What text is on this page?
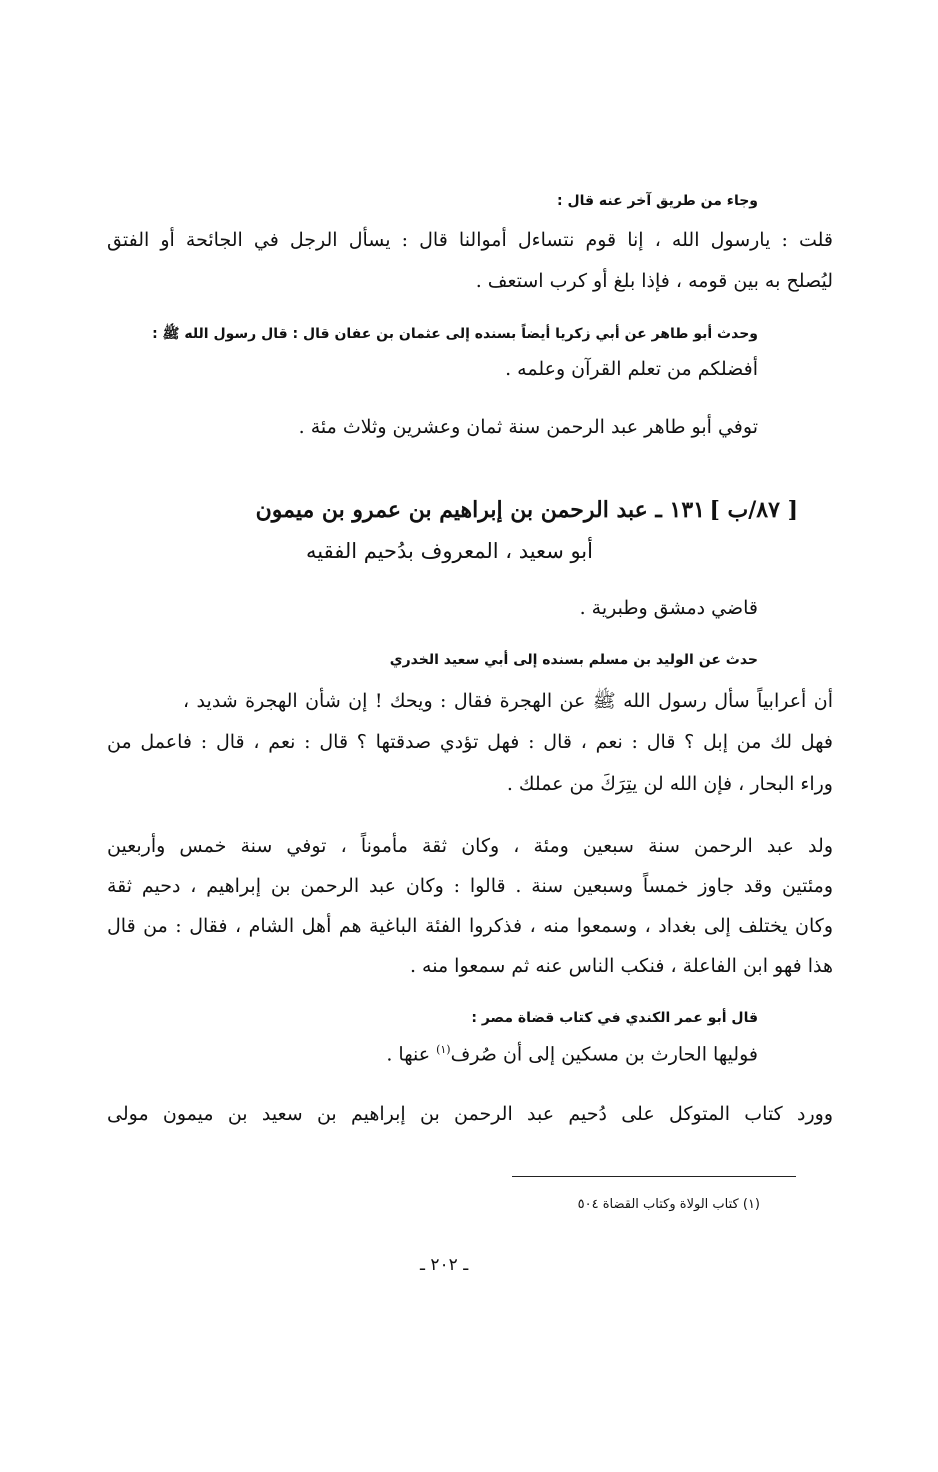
وجاء من طريق آخر عنه قال :

قلت : يارسول الله ، إنا قوم نتساءل أموالنا قال : يسأل الرجل في الجائحة أو الفتق

ليُصلح به بين قومه ، فإذا بلغ أو كرب استعف .

وحدث أبو طاهر عن أبي زكريا أيضاً بسنده إلى عثمان بن عفان قال : قال رسول الله ﷺ :

أفضلكم من تعلم القرآن وعلمه .

توفي أبو طاهر عبد الرحمن سنة ثمان وعشرين وثلاث مئة .

[ ٨٧/ب ]

١٣١ ـ عبد الرحمن بن إبراهيم بن عمرو بن ميمون

أبو سعيد ، المعروف بدُحيم الفقيه

قاضي دمشق وطبرية .

حدث عن الوليد بن مسلم بسنده إلى أبي سعيد الخدري

أن أعرابياً سأل رسول الله ﷺ عن الهجرة فقال : ويحك ! إن شأن الهجرة شديد ،

فهل لك من إبل ؟ قال : نعم ، قال : فهل تؤدي صدقتها ؟ قال : نعم ، قال : فاعمل من

وراء البحار ، فإن الله لن يتِرَكَ من عملك .

ولد عبد الرحمن سنة سبعين ومئة ، وكان ثقة مأموناً ، توفي سنة خمس وأربعين

ومئتين وقد جاوز خمساً وسبعين سنة . قالوا : وكان عبد الرحمن بن إبراهيم ، دحيم ثقة

وكان يختلف إلى بغداد ، وسمعوا منه ، فذكروا الفئة الباغية هم أهل الشام ، فقال : من قال

هذا فهو ابن الفاعلة ، فنكب الناس عنه ثم سمعوا منه .

قال أبو عمر الكندي في كتاب قضاة مصر :

فوليها الحارث بن مسكين إلى أن صُرف$^{(١)}$ عنها .

وورد كتاب المتوكل على دُحيم عبد الرحمن بن إبراهيم بن سعيد بن ميمون مولى

(١) كتاب الولاة وكتاب القضاة ٥٠٤

ـ ٢٠٢ ـ
